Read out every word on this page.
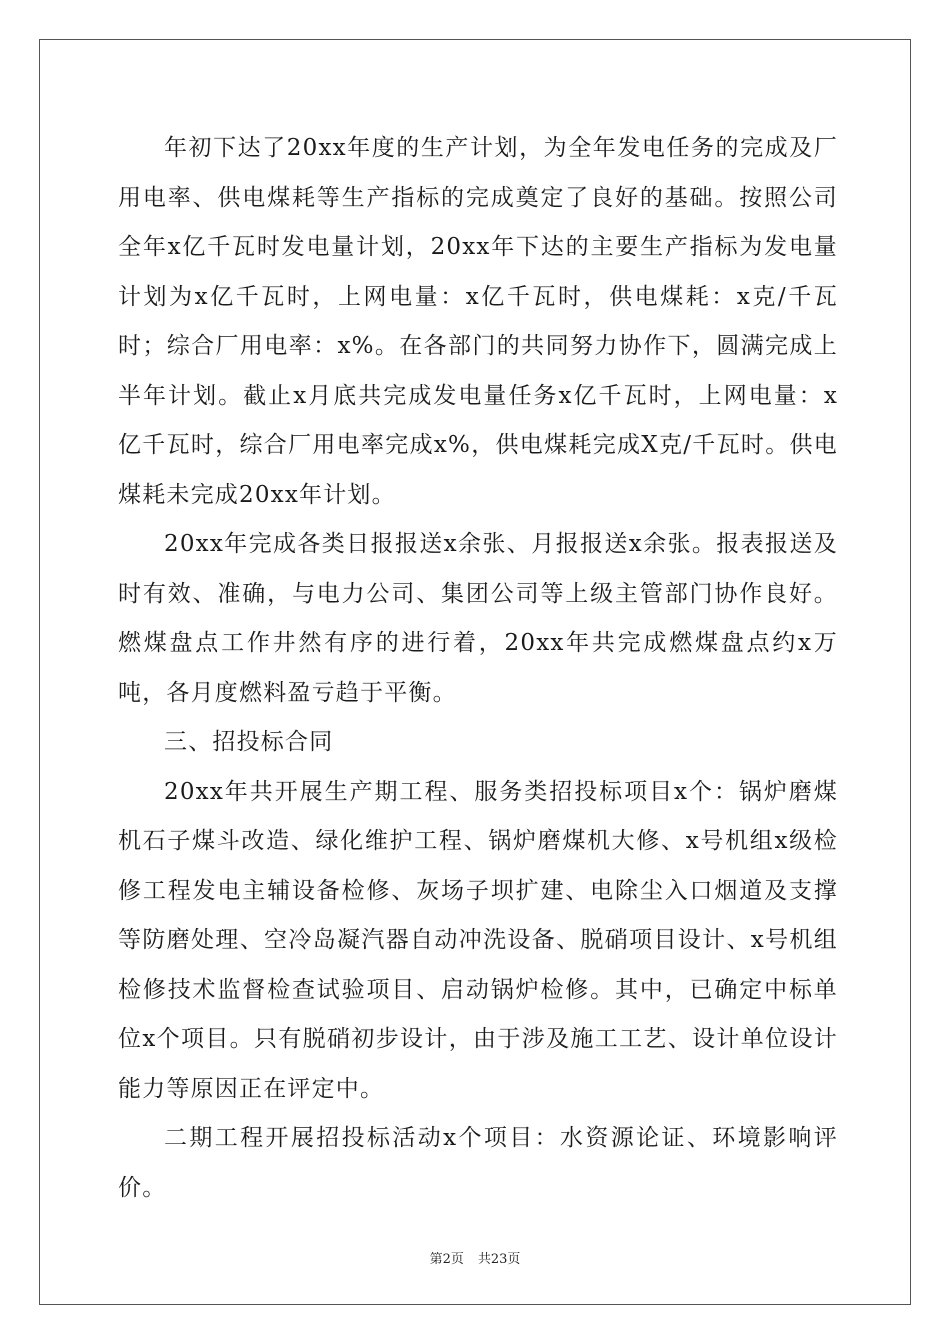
年初下达了20xx年度的生产计划，为全年发电任务的完成及厂用电率、供电煤耗等生产指标的完成奠定了良好的基础。按照公司全年x亿千瓦时发电量计划，20xx年下达的主要生产指标为发电量计划为x亿千瓦时，上网电量：x亿千瓦时，供电煤耗：x克/千瓦时；综合厂用电率：x%。在各部门的共同努力协作下，圆满完成上半年计划。截止x月底共完成发电量任务x亿千瓦时，上网电量：x亿千瓦时，综合厂用电率完成x%，供电煤耗完成X克/千瓦时。供电煤耗未完成20xx年计划。

20xx年完成各类日报报送x余张、月报报送x余张。报表报送及时有效、准确，与电力公司、集团公司等上级主管部门协作良好。燃煤盘点工作井然有序的进行着，20xx年共完成燃煤盘点约x万吨，各月度燃料盈亏趋于平衡。

三、招投标合同

20xx年共开展生产期工程、服务类招投标项目x个：锅炉磨煤机石子煤斗改造、绿化维护工程、锅炉磨煤机大修、x号机组x级检修工程发电主辅设备检修、灰场子坝扩建、电除尘入口烟道及支撑等防磨处理、空冷岛凝汽器自动冲洗设备、脱硝项目设计、x号机组检修技术监督检查试验项目、启动锅炉检修。其中，已确定中标单位x个项目。只有脱硝初步设计，由于涉及施工工艺、设计单位设计能力等原因正在评定中。

二期工程开展招投标活动x个项目：水资源论证、环境影响评价。

第2页 共23页
